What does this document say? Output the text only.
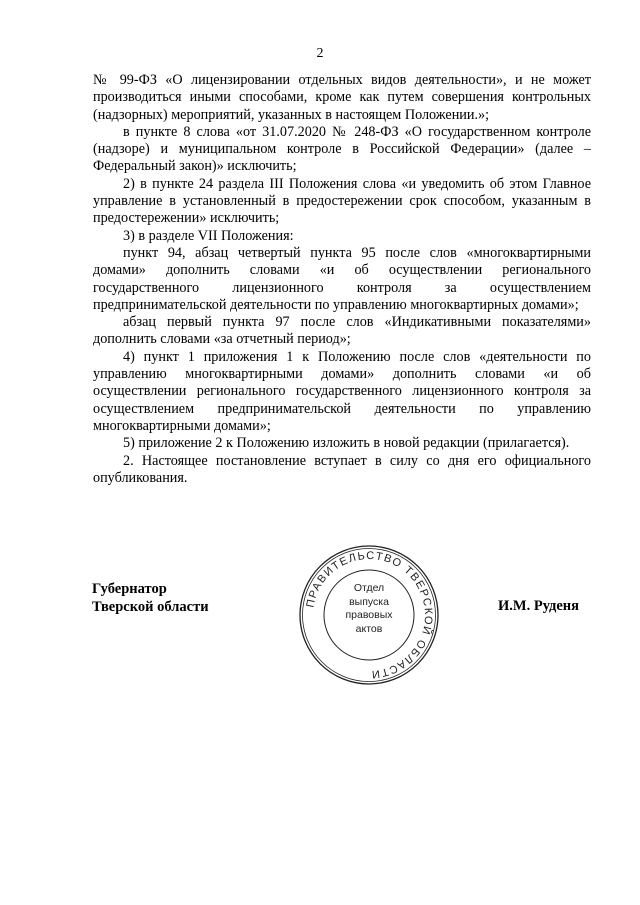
2

№ 99-ФЗ «О лицензировании отдельных видов деятельности», и не может производиться иными способами, кроме как путем совершения контрольных (надзорных) мероприятий, указанных в настоящем Положении.»;

в пункте 8 слова «от 31.07.2020 № 248-ФЗ «О государственном контроле (надзоре) и муниципальном контроле в Российской Федерации» (далее – Федеральный закон)» исключить;

2) в пункте 24 раздела III Положения слова «и уведомить об этом Главное управление в установленный в предостережении срок способом, указанным в предостережении» исключить;

3) в разделе VII Положения:

пункт 94, абзац четвертый пункта 95 после слов «многоквартирными домами» дополнить словами «и об осуществлении регионального государственного лицензионного контроля за осуществлением предпринимательской деятельности по управлению многоквартирных домами»;

абзац первый пункта 97 после слов «Индикативными показателями» дополнить словами «за отчетный период»;

4) пункт 1 приложения 1 к Положению после слов «деятельности по управлению многоквартирными домами» дополнить словами «и об осуществлении регионального государственного лицензионного контроля за осуществлением предпринимательской деятельности по управлению многоквартирными домами»;

5) приложение 2 к Положению изложить в новой редакции (прилагается).

2. Настоящее постановление вступает в силу со дня его официального опубликования.

Губернатор
Тверской области	ПРАВИТЕЛЬСТВО ТВЕРСКОЙ ОБЛАСТИ
Отдел
выпуска
правовых
актов
И.М. Руденя
